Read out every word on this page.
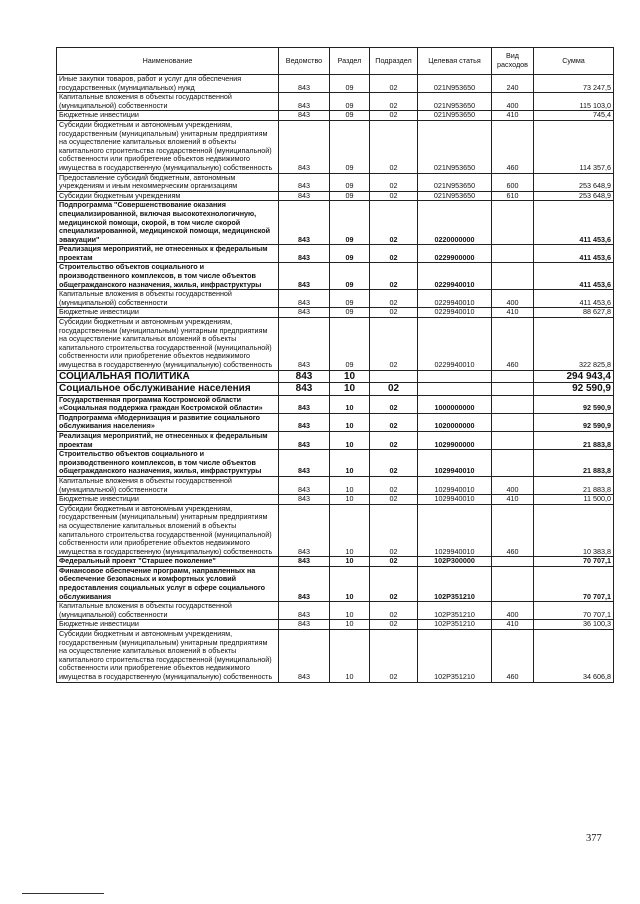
Наименование	Ведомство	Раздел	Подраздел	Целевая статья	Вид расходов	Сумма
Иные закупки товаров, работ и услуг для обеспечения государственных (муниципальных) нужд	843	09	02	021N953650	240	73 247,5
Капитальные вложения в объекты государственной (муниципальной) собственности	843	09	02	021N953650	400	115 103,0
Бюджетные инвестиции	843	09	02	021N953650	410	745,4
Субсидии бюджетным и автономным учреждениям, государственным (муниципальным) унитарным предприятиям на осуществление капитальных вложений в объекты капитального строительства государственной (муниципальной) собственности или приобретение объектов недвижимого имущества в государственную (муниципальную) собственность	843	09	02	021N953650	460	114 357,6
Предоставление субсидий бюджетным, автономным учреждениям и иным некоммерческим организациям	843	09	02	021N953650	600	253 648,9
Субсидии бюджетным учреждениям	843	09	02	021N953650	610	253 648,9
Подпрограмма "Совершенствование оказания специализированной, включая высокотехнологичную, медицинской помощи, скорой, в том числе скорой специализированной, медицинской помощи, медицинской эвакуации"	843	09	02	0220000000		411 453,6
Реализация мероприятий, не отнесенных к федеральным проектам	843	09	02	0229900000		411 453,6
Строительство объектов социального и производственного комплексов, в том числе объектов общегражданского назначения, жилья, инфраструктуры	843	09	02	0229940010		411 453,6
Капитальные вложения в объекты государственной (муниципальной) собственности	843	09	02	0229940010	400	411 453,6
Бюджетные инвестиции	843	09	02	0229940010	410	88 627,8
Субсидии бюджетным и автономным учреждениям, государственным (муниципальным) унитарным предприятиям на осуществление капитальных вложений в объекты капитального строительства государственной (муниципальной) собственности или приобретение объектов недвижимого имущества в государственную (муниципальную) собственность	843	09	02	0229940010	460	322 825,8
СОЦИАЛЬНАЯ ПОЛИТИКА	843	10				294 943,4
Социальное обслуживание населения	843	10	02			92 590,9
Государственная программа Костромской области «Социальная поддержка граждан Костромской области»	843	10	02	1000000000		92 590,9
Подпрограмма «Модернизация и развитие социального обслуживания населения»	843	10	02	1020000000		92 590,9
Реализация мероприятий, не отнесенных к федеральным проектам	843	10	02	1029900000		21 883,8
Строительство объектов социального и производственного комплексов, в том числе объектов общегражданского назначения, жилья, инфраструктуры	843	10	02	1029940010		21 883,8
Капитальные вложения в объекты государственной (муниципальной) собственности	843	10	02	1029940010	400	21 883,8
Бюджетные инвестиции	843	10	02	1029940010	410	11 500,0
Субсидии бюджетным и автономным учреждениям, государственным (муниципальным) унитарным предприятиям на осуществление капитальных вложений в объекты капитального строительства государственной (муниципальной) собственности или приобретение объектов недвижимого имущества в государственную (муниципальную) собственность	843	10	02	1029940010	460	10 383,8
Федеральный проект "Старшее поколение"	843	10	02	102P300000		70 707,1
Финансовое обеспечение программ, направленных на обеспечение безопасных и комфортных условий предоставления социальных услуг в сфере социального обслуживания	843	10	02	102P351210		70 707,1
Капитальные вложения в объекты государственной (муниципальной) собственности	843	10	02	102P351210	400	70 707,1
Бюджетные инвестиции	843	10	02	102P351210	410	36 100,3
Субсидии бюджетным и автономным учреждениям, государственным (муниципальным) унитарным предприятиям на осуществление капитальных вложений в объекты капитального строительства государственной (муниципальной) собственности или приобретение объектов недвижимого имущества в государственную (муниципальную) собственность	843	10	02	102P351210	460	34 606,8
377
